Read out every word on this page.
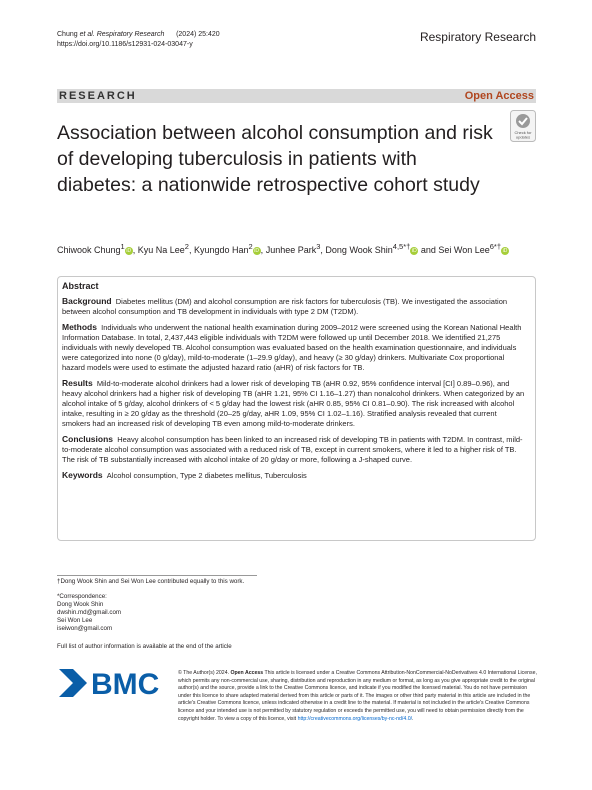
Chung et al. Respiratory Research      (2024) 25:420
https://doi.org/10.1186/s12931-024-03047-y
Respiratory Research
RESEARCH	Open Access
Association between alcohol consumption and risk of developing tuberculosis in patients with diabetes: a nationwide retrospective cohort study
Check for
updates
Chiwook Chung$^1$ iD , Kyu Na Lee$^2$, Kyungdo Han$^2$ iD , Junhee Park$^3$, Dong Wook Shin$^{4,5*\dagger}$ iD and Sei Won Lee$^{6*\dagger}$ iD
Abstract

Background Diabetes mellitus (DM) and alcohol consumption are risk factors for tuberculosis (TB). We investigated the association between alcohol consumption and TB development in individuals with type 2 DM (T2DM).

Methods Individuals who underwent the national health examination during 2009–2012 were screened using the Korean National Health Information Database. In total, 2,437,443 eligible individuals with T2DM were followed up until December 2018. We identified 21,275 individuals with newly developed TB. Alcohol consumption was evaluated based on the health examination questionnaire, and individuals were categorized into none (0 g/day), mild-to-moderate (1–29.9 g/day), and heavy (≥ 30 g/day) drinkers. Multivariate Cox proportional hazard models were used to estimate the adjusted hazard ratio (aHR) of risk factors for TB.

Results Mild-to-moderate alcohol drinkers had a lower risk of developing TB (aHR 0.92, 95% confidence interval [CI] 0.89–0.96), and heavy alcohol drinkers had a higher risk of developing TB (aHR 1.21, 95% CI 1.16–1.27) than nonalcohol drinkers. When categorized by an alcohol intake of 5 g/day, alcohol drinkers of < 5 g/day had the lowest risk (aHR 0.85, 95% CI 0.81–0.90). The risk increased with alcohol intake, resulting in ≥ 20 g/day as the threshold (20–25 g/day, aHR 1.09, 95% CI 1.02–1.16). Stratified analysis revealed that current smokers had an increased risk of developing TB even among mild-to-moderate drinkers.

Conclusions Heavy alcohol consumption has been linked to an increased risk of developing TB in patients with T2DM. In contrast, mild-to-moderate alcohol consumption was associated with a reduced risk of TB, except in current smokers, where it led to a higher risk of TB. The risk of TB substantially increased with alcohol intake of 20 g/day or more, following a J-shaped curve.

Keywords Alcohol consumption, Type 2 diabetes mellitus, Tuberculosis

†Dong Wook Shin and Sei Won Lee contributed equally to this work.
*Correspondence:
Dong Wook Shin
dwshin.md@gmail.com
Sei Won Lee
iseiwon@gmail.com
Full list of author information is available at the end of the article
BMC	© The Author(s) 2024. Open Access This article is licensed under a Creative Commons Attribution-NonCommercial-NoDerivatives 4.0 International License, which permits any non-commercial use, sharing, distribution and reproduction in any medium or format, as long as you give appropriate credit to the original author(s) and the source, provide a link to the Creative Commons licence, and indicate if you modified the licensed material. You do not have permission under this licence to share adapted material derived from this article or parts of it. The images or other third party material in this article are included in the article's Creative Commons licence, unless indicated otherwise in a credit line to the material. If material is not included in the article's Creative Commons licence and your intended use is not permitted by statutory regulation or exceeds the permitted use, you will need to obtain permission directly from the copyright holder. To view a copy of this licence, visit http://creativecommons.org/licenses/by-nc-nd/4.0/.
